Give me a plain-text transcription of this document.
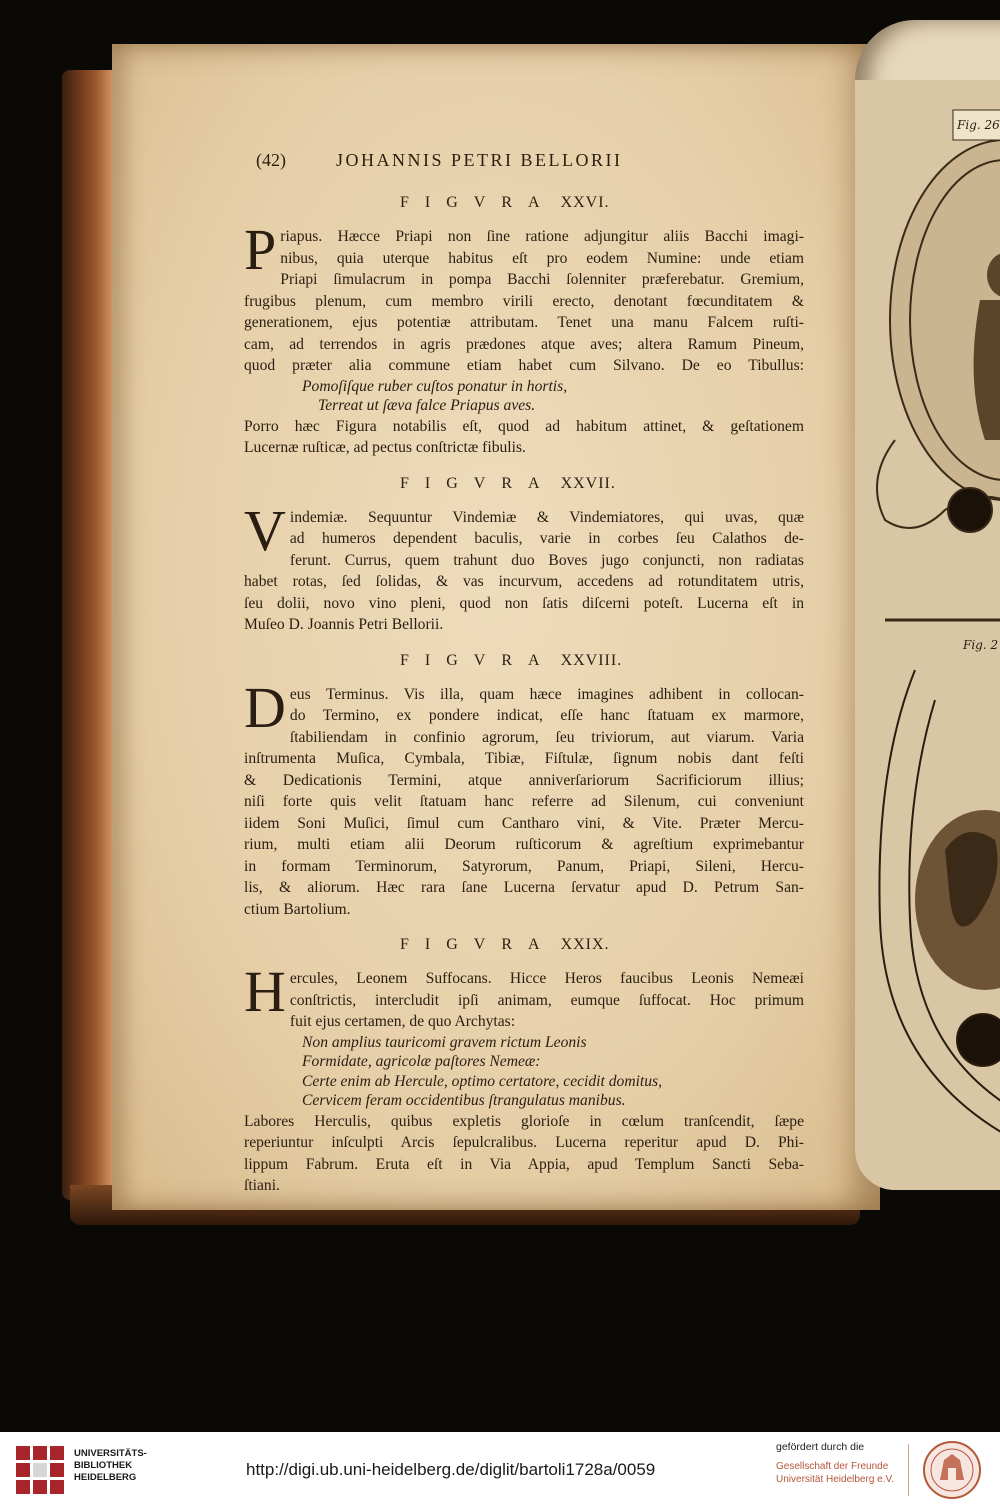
Fig. 26
Fig. 2
(42)	JOHANNIS PETRI BELLORII
FIGVRA XXVI.
P riapus. Hæcce Priapi non ſine ratione adjungitur aliis Bacchi imagi-
nibus, quia uterque habitus eſt pro eodem Numine: unde etiam
Priapi ſimulacrum in pompa Bacchi ſolenniter præferebatur. Gremium,
frugibus plenum, cum membro virili erecto, denotant fœcunditatem &
generationem, ejus potentiæ attributam. Tenet una manu Falcem ruſti-
cam, ad terrendos in agris prædones atque aves; altera Ramum Pineum,
quod præter alia commune etiam habet cum Silvano. De eo Tibullus:
Pomoſiſque ruber cuſtos ponatur in hortis,
Terreat ut ſæva falce Priapus aves.
Porro hæc Figura notabilis eſt, quod ad habitum attinet, & geſtationem
Lucernæ ruſticæ, ad pectus conſtrictæ fibulis.
FIGVRA XXVII.
V indemiæ. Sequuntur Vindemiæ & Vindemiatores, qui uvas, quæ
ad humeros dependent baculis, varie in corbes ſeu Calathos de-
ferunt. Currus, quem trahunt duo Boves jugo conjuncti, non radiatas
habet rotas, ſed ſolidas, & vas incurvum, accedens ad rotunditatem utris,
ſeu dolii, novo vino pleni, quod non ſatis diſcerni poteſt. Lucerna eſt in
Muſeo D. Joannis Petri Bellorii.
FIGVRA XXVIII.
D eus Terminus. Vis illa, quam hæce imagines adhibent in collocan-
do Termino, ex pondere indicat, eſſe hanc ſtatuam ex marmore,
ſtabiliendam in confinio agrorum, ſeu triviorum, aut viarum. Varia
inſtrumenta Muſica, Cymbala, Tibiæ, Fiſtulæ, ſignum nobis dant feſti
& Dedicationis Termini, atque anniverſariorum Sacrificiorum illius;
niſi forte quis velit ſtatuam hanc referre ad Silenum, cui conveniunt
iidem Soni Muſici, ſimul cum Cantharo vini, & Vite. Præter Mercu-
rium, multi etiam alii Deorum ruſticorum & agreſtium exprimebantur
in formam Terminorum, Satyrorum, Panum, Priapi, Sileni, Hercu-
lis, & aliorum. Hæc rara ſane Lucerna ſervatur apud D. Petrum San-
ctium Bartolium.
FIGVRA XXIX.
H ercules, Leonem Suffocans. Hicce Heros faucibus Leonis Nemeæi
conſtrictis, intercludit ipſi animam, eumque ſuffocat. Hoc primum
fuit ejus certamen, de quo Archytas:
Non amplius tauricomi gravem rictum Leonis
Formidate, agricolæ paſtores Nemeæ:
Certe enim ab Hercule, optimo certatore, cecidit domitus,
Cervicem feram occidentibus ſtrangulatus manibus.
Labores Herculis, quibus expletis glorioſe in cœlum tranſcendit, ſæpe
reperiuntur inſculpti Arcis ſepulcralibus. Lucerna reperitur apud D. Phi-
lippum Fabrum. Eruta eſt in Via Appia, apud Templum Sancti Seba-
ſtiani.
UNIVERSITÄTS-
BIBLIOTHEK
HEIDELBERG	http://digi.ub.uni-heidelberg.de/diglit/bartoli1728a/0059
gefördert durch die
Gesellschaft der Freunde
Universität Heidelberg e.V.
